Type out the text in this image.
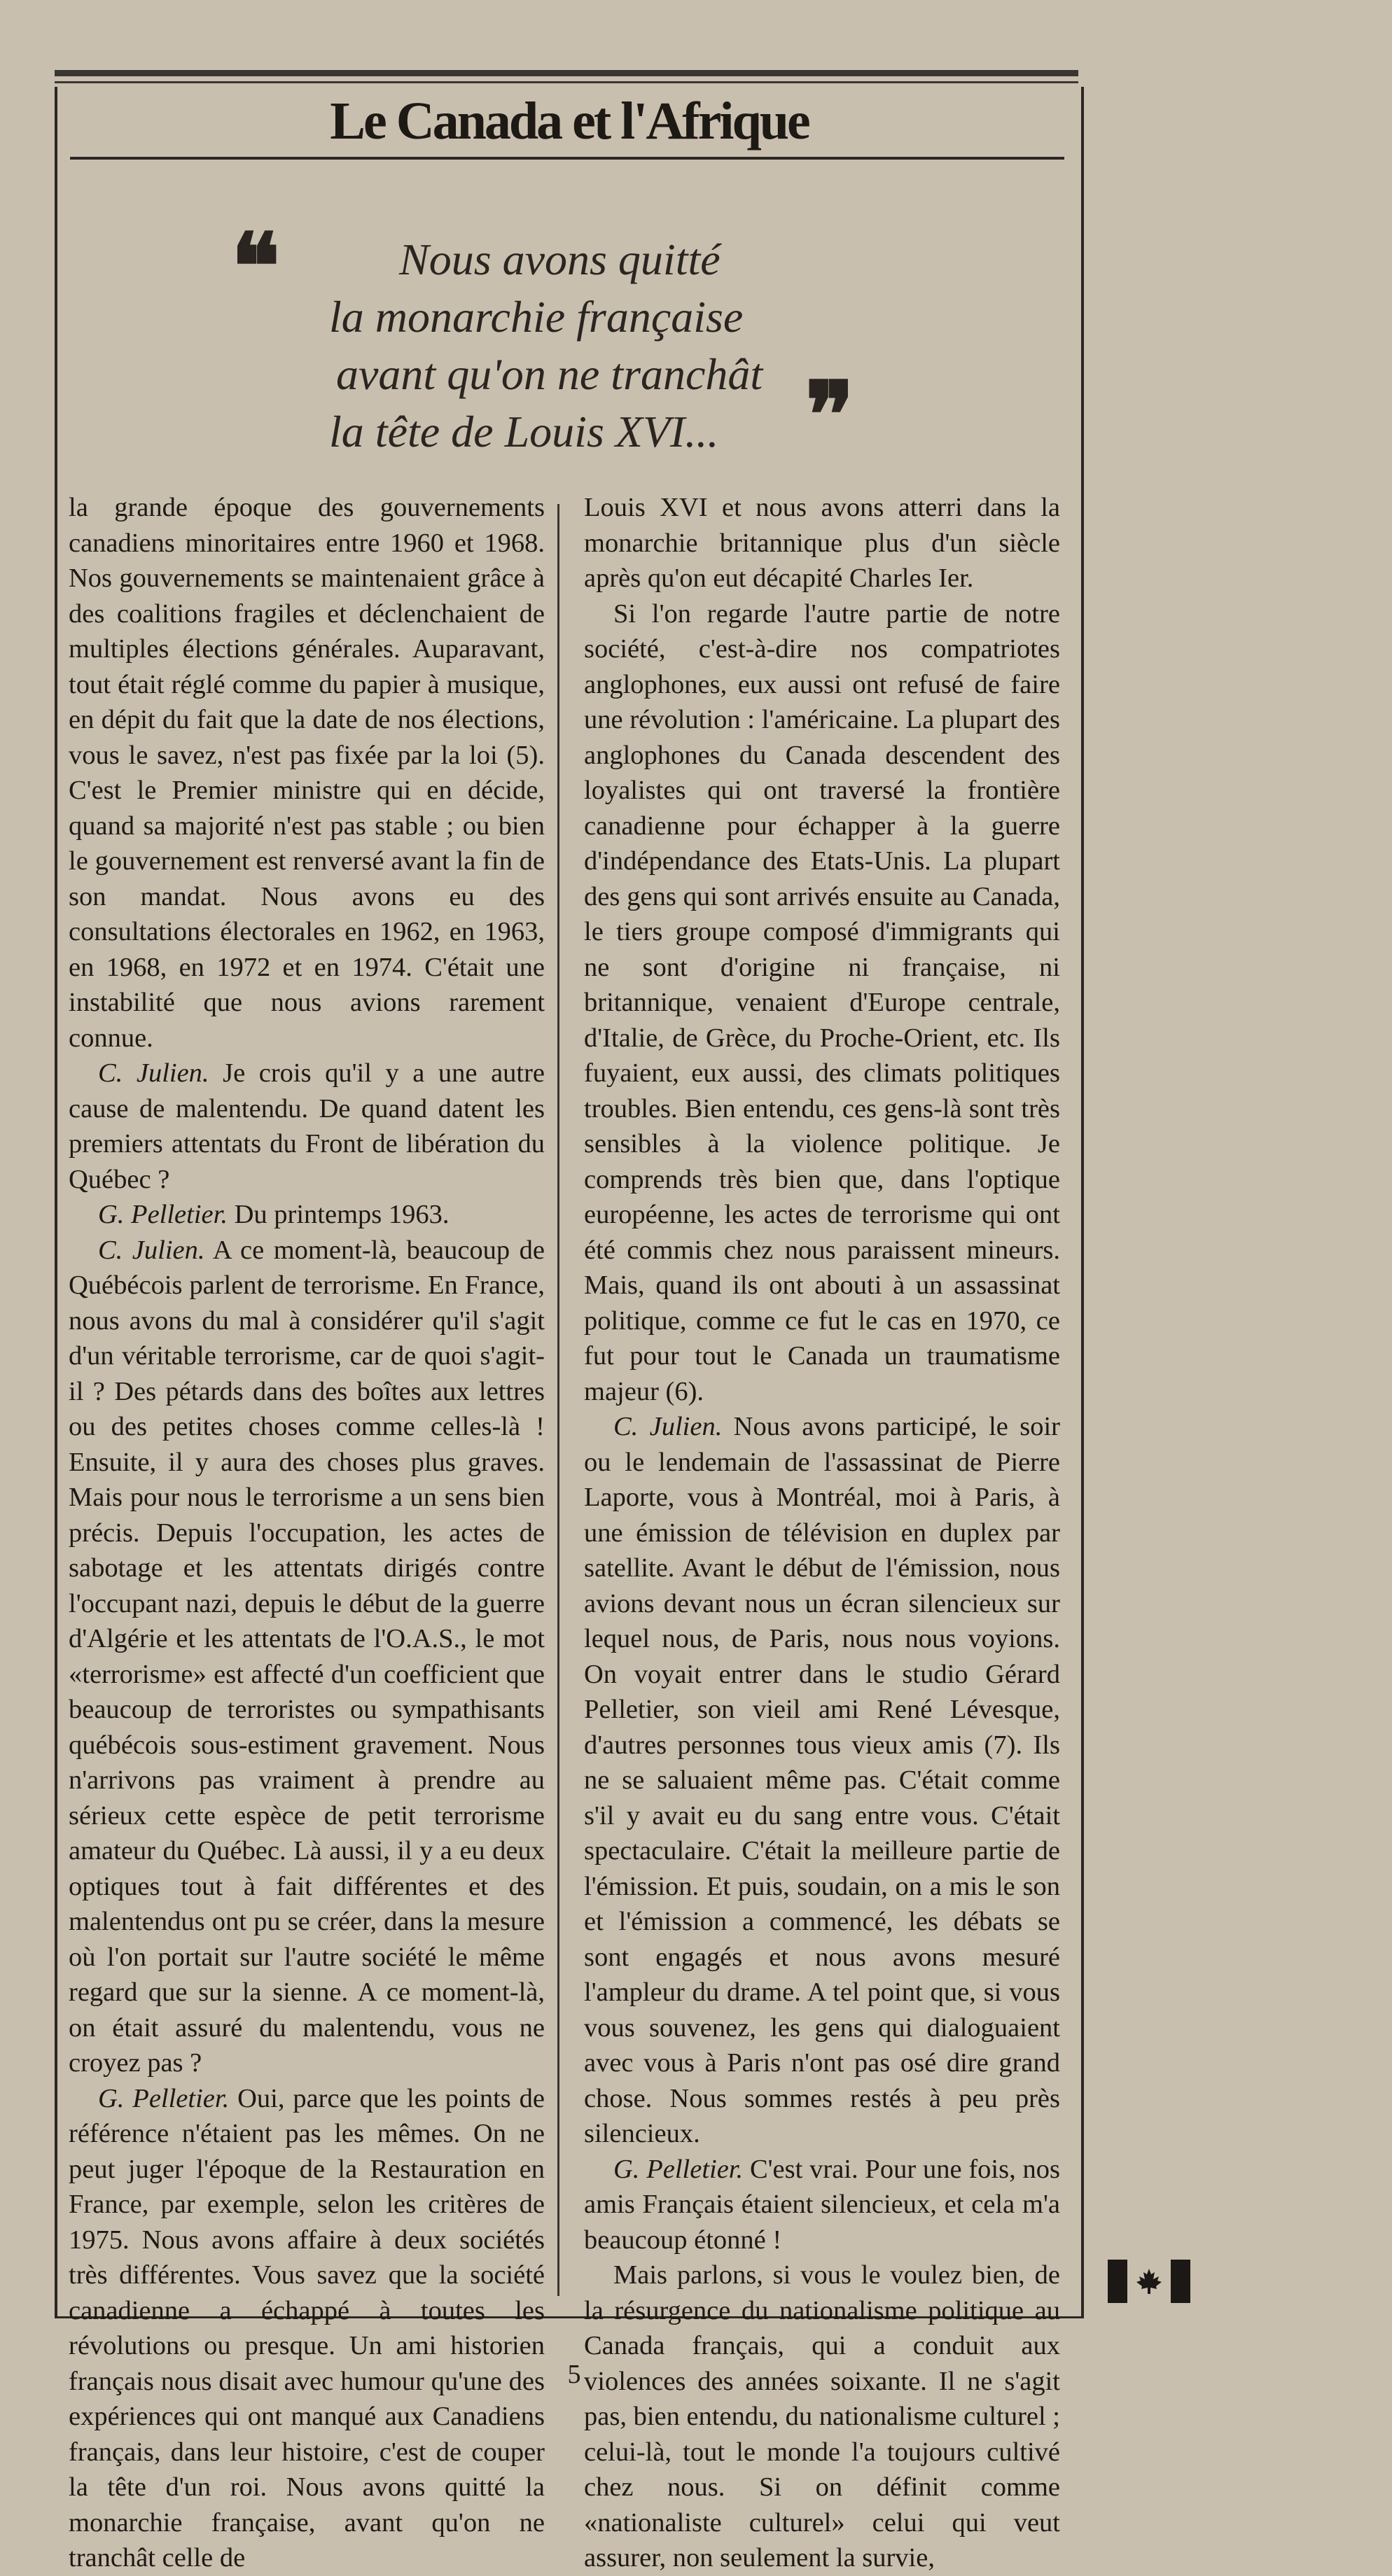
Le Canada et l'Afrique
❝	Nous avons quitté

la monarchie française

avant qu'on ne tranchât

la tête de Louis XVI... ❞

la grande époque des gouvernements canadiens minoritaires entre 1960 et 1968. Nos gouvernements se maintenaient grâce à des coalitions fragiles et déclenchaient de multiples élections générales. Auparavant, tout était réglé comme du papier à musique, en dépit du fait que la date de nos élections, vous le savez, n'est pas fixée par la loi (5). C'est le Premier ministre qui en décide, quand sa majorité n'est pas stable ; ou bien le gouvernement est renversé avant la fin de son mandat. Nous avons eu des consultations électorales en 1962, en 1963, en 1968, en 1972 et en 1974. C'était une instabilité que nous avions rarement connue.

C. Julien. Je crois qu'il y a une autre cause de malentendu. De quand datent les premiers attentats du Front de libération du Québec ?

G. Pelletier. Du printemps 1963.

C. Julien. A ce moment-là, beaucoup de Québécois parlent de terrorisme. En France, nous avons du mal à considérer qu'il s'agit d'un véritable terrorisme, car de quoi s'agit-il ? Des pétards dans des boîtes aux lettres ou des petites choses comme celles-là ! Ensuite, il y aura des choses plus graves. Mais pour nous le terrorisme a un sens bien précis. Depuis l'occupation, les actes de sabotage et les attentats dirigés contre l'occupant nazi, depuis le début de la guerre d'Algérie et les attentats de l'O.A.S., le mot «terrorisme» est affecté d'un coefficient que beaucoup de terroristes ou sympathisants québécois sous-estiment gravement. Nous n'arrivons pas vraiment à prendre au sérieux cette espèce de petit terrorisme amateur du Québec. Là aussi, il y a eu deux optiques tout à fait différentes et des malentendus ont pu se créer, dans la mesure où l'on portait sur l'autre société le même regard que sur la sienne. A ce moment-là, on était assuré du malentendu, vous ne croyez pas ?

G. Pelletier. Oui, parce que les points de référence n'étaient pas les mêmes. On ne peut juger l'époque de la Restauration en France, par exemple, selon les critères de 1975. Nous avons affaire à deux sociétés très différentes. Vous savez que la société canadienne a échappé à toutes les révolutions ou presque. Un ami historien français nous disait avec humour qu'une des expériences qui ont manqué aux Canadiens français, dans leur histoire, c'est de couper la tête d'un roi. Nous avons quitté la monarchie française, avant qu'on ne tranchât celle de

Louis XVI et nous avons atterri dans la monarchie britannique plus d'un siècle après qu'on eut décapité Charles Ier.

Si l'on regarde l'autre partie de notre société, c'est-à-dire nos compatriotes anglophones, eux aussi ont refusé de faire une révolution : l'américaine. La plupart des anglophones du Canada descendent des loyalistes qui ont traversé la frontière canadienne pour échapper à la guerre d'indépendance des Etats-Unis. La plupart des gens qui sont arrivés ensuite au Canada, le tiers groupe composé d'immigrants qui ne sont d'origine ni française, ni britannique, venaient d'Europe centrale, d'Italie, de Grèce, du Proche-Orient, etc. Ils fuyaient, eux aussi, des climats politiques troubles. Bien entendu, ces gens-là sont très sensibles à la violence politique. Je comprends très bien que, dans l'optique européenne, les actes de terrorisme qui ont été commis chez nous paraissent mineurs. Mais, quand ils ont abouti à un assassinat politique, comme ce fut le cas en 1970, ce fut pour tout le Canada un traumatisme majeur (6).

C. Julien. Nous avons participé, le soir ou le lendemain de l'assassinat de Pierre Laporte, vous à Montréal, moi à Paris, à une émission de télévision en duplex par satellite. Avant le début de l'émission, nous avions devant nous un écran silencieux sur lequel nous, de Paris, nous nous voyions. On voyait entrer dans le studio Gérard Pelletier, son vieil ami René Lévesque, d'autres personnes tous vieux amis (7). Ils ne se saluaient même pas. C'était comme s'il y avait eu du sang entre vous. C'était spectaculaire. C'était la meilleure partie de l'émission. Et puis, soudain, on a mis le son et l'émission a commencé, les débats se sont engagés et nous avons mesuré l'ampleur du drame. A tel point que, si vous vous souvenez, les gens qui dialoguaient avec vous à Paris n'ont pas osé dire grand chose. Nous sommes restés à peu près silencieux.

G. Pelletier. C'est vrai. Pour une fois, nos amis Français étaient silencieux, et cela m'a beaucoup étonné !

Mais parlons, si vous le voulez bien, de la résurgence du nationalisme politique au Canada français, qui a conduit aux violences des années soixante. Il ne s'agit pas, bien entendu, du nationalisme culturel ; celui-là, tout le monde l'a toujours cultivé chez nous. Si on définit comme «nationaliste culturel» celui qui veut assurer, non seulement la survie,

5
